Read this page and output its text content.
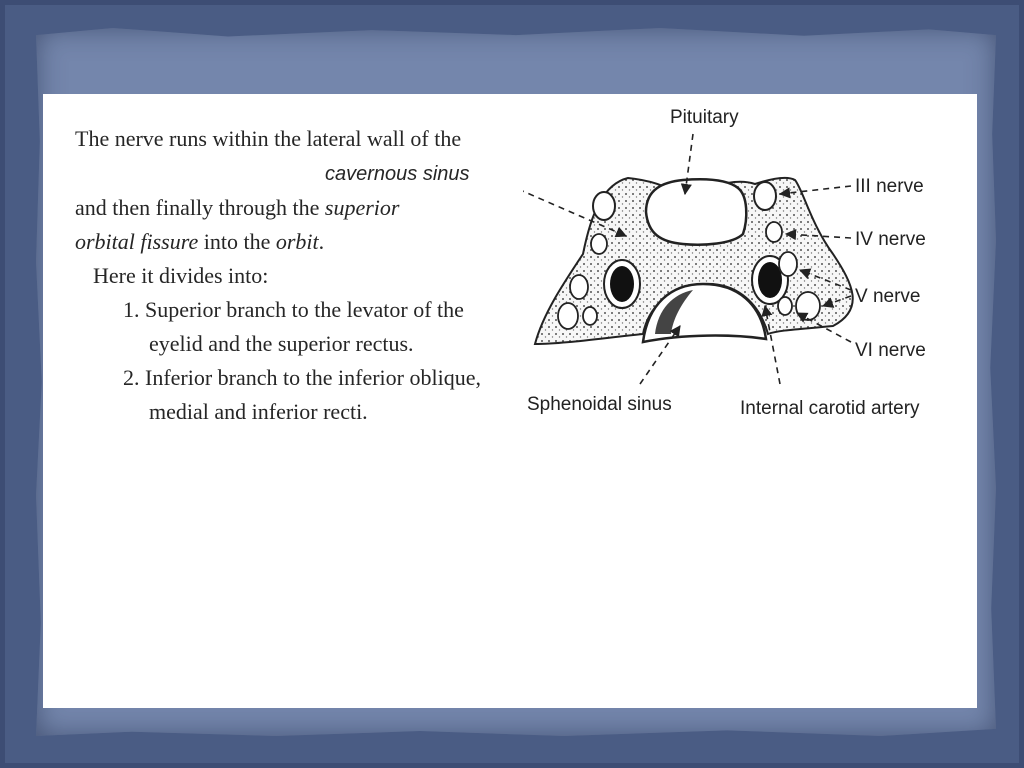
The nerve runs within the lateral wall of the
cavernous sinus
and then finally through the superior
orbital fissure into the orbit.
Here it divides into:
1. Superior branch to the levator of the
eyelid and the superior rectus.
2. Inferior branch to the inferior oblique,
medial and inferior recti.
Pituitary
III nerve
IV nerve
V nerve
VI nerve
Sphenoidal sinus	Internal carotid artery
